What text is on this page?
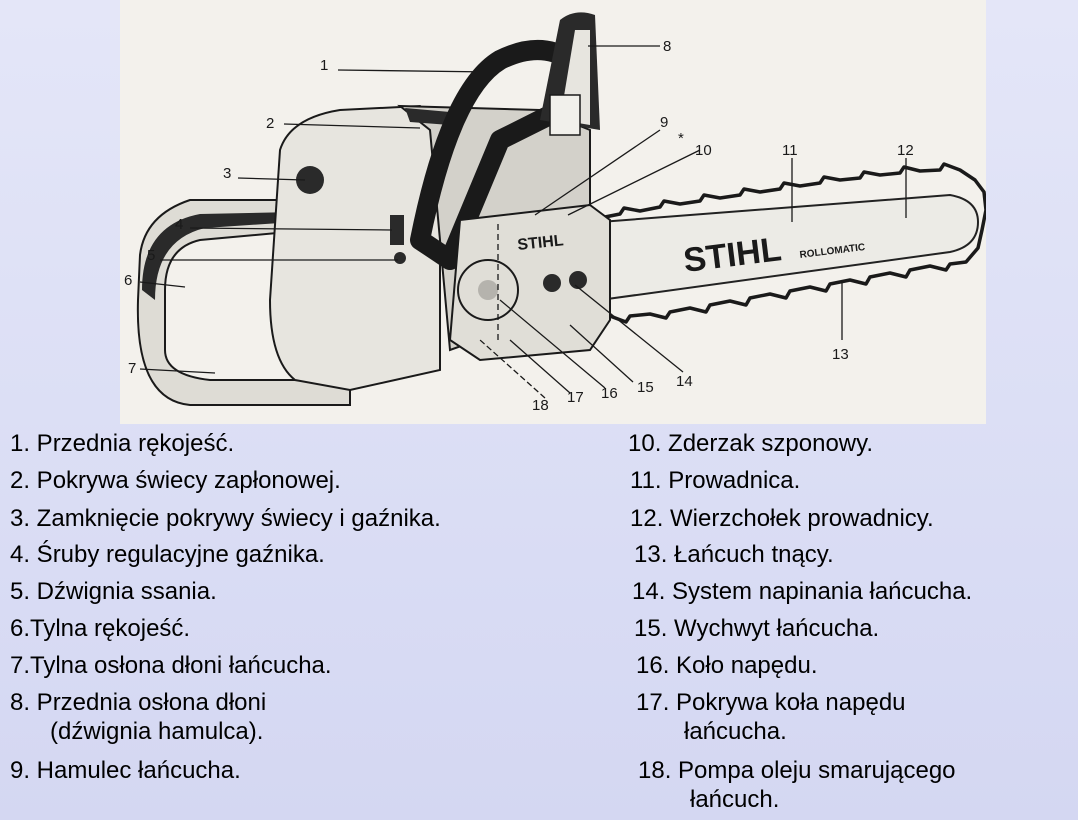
STIHL ROLLOMATIC
STIHL
1
2
3
4
5
6
7
8
9
10	11	12
13
14
15
16
17
18
*
1. Przednia rękojeść.
2. Pokrywa świecy zapłonowej.
3. Zamknięcie pokrywy świecy i gaźnika.
4. Śruby regulacyjne gaźnika.
5. Dźwignia ssania.
6.Tylna rękojeść.
7.Tylna osłona dłoni łańcucha.
8. Przednia osłona dłoni
(dźwignia hamulca).
9. Hamulec łańcucha.
10. Zderzak szponowy.
11. Prowadnica.
12. Wierzchołek prowadnicy.
13. Łańcuch tnący.
14. System napinania łańcucha.
15. Wychwyt łańcucha.
16. Koło napędu.
17. Pokrywa koła napędu
łańcucha.
18. Pompa oleju smarującego
łańcuch.
